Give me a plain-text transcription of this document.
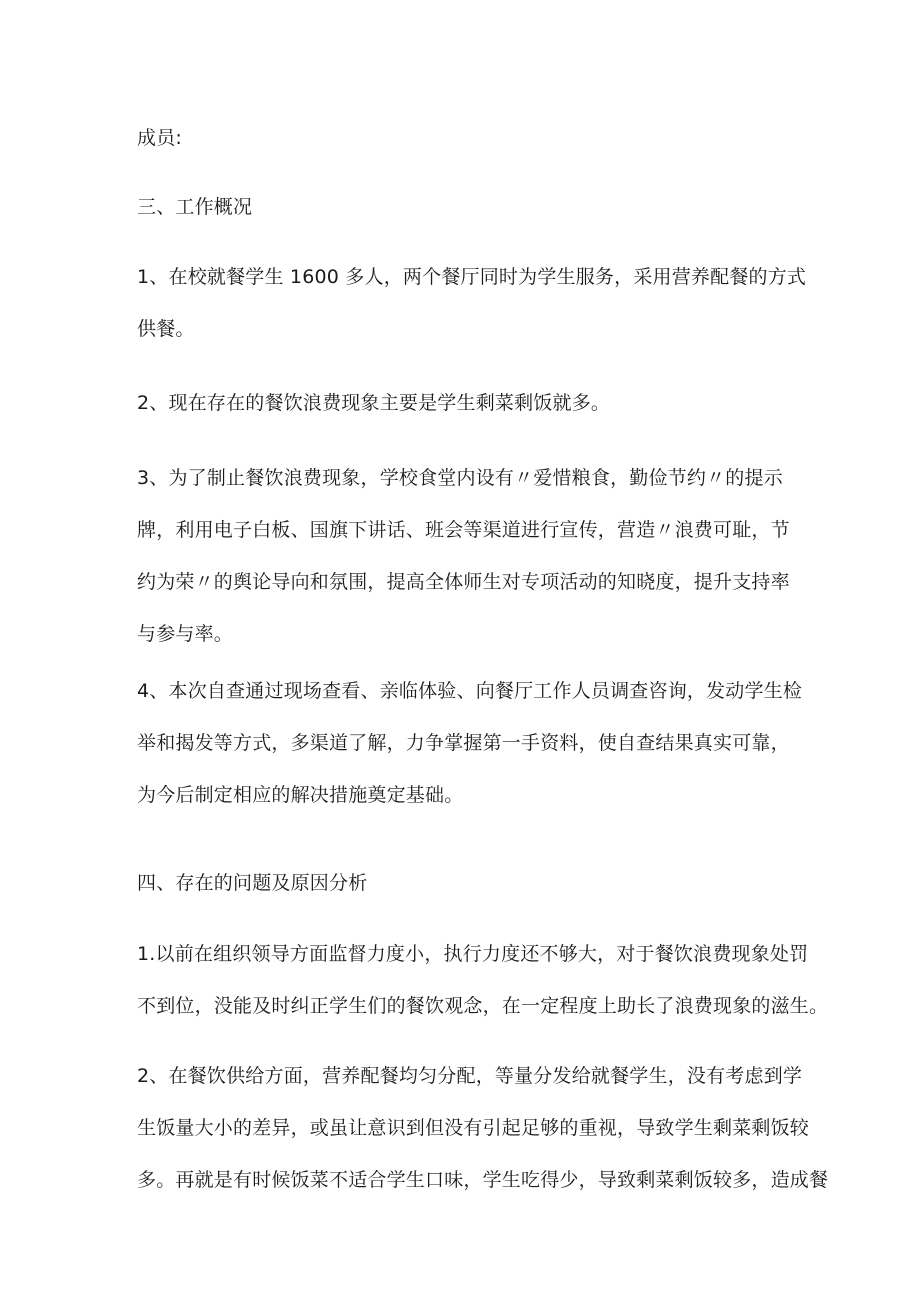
成员:
三、工作概况
1、在校就餐学生 1600 多人，两个餐厅同时为学生服务，采用营养配餐的方式
供餐。
2、现在存在的餐饮浪费现象主要是学生剩菜剩饭就多。
3、为了制止餐饮浪费现象，学校食堂内设有〃爱惜粮食，勤俭节约〃的提示
牌，利用电子白板、国旗下讲话、班会等渠道进行宣传，营造〃浪费可耻，节
约为荣〃的舆论导向和氛围，提高全体师生对专项活动的知晓度，提升支持率
与参与率。
4、本次自查通过现场查看、亲临体验、向餐厅工作人员调查咨询，发动学生检
举和揭发等方式，多渠道了解，力争掌握第一手资料，使自查结果真实可靠，
为今后制定相应的解决措施奠定基础。
四、存在的问题及原因分析
1.以前在组织领导方面监督力度小，执行力度还不够大，对于餐饮浪费现象处罚
不到位，没能及时纠正学生们的餐饮观念，在一定程度上助长了浪费现象的滋生。
2、在餐饮供给方面，营养配餐均匀分配，等量分发给就餐学生，没有考虑到学
生饭量大小的差异，或虽让意识到但没有引起足够的重视，导致学生剩菜剩饭较
多。再就是有时候饭菜不适合学生口味，学生吃得少，导致剩菜剩饭较多，造成餐
